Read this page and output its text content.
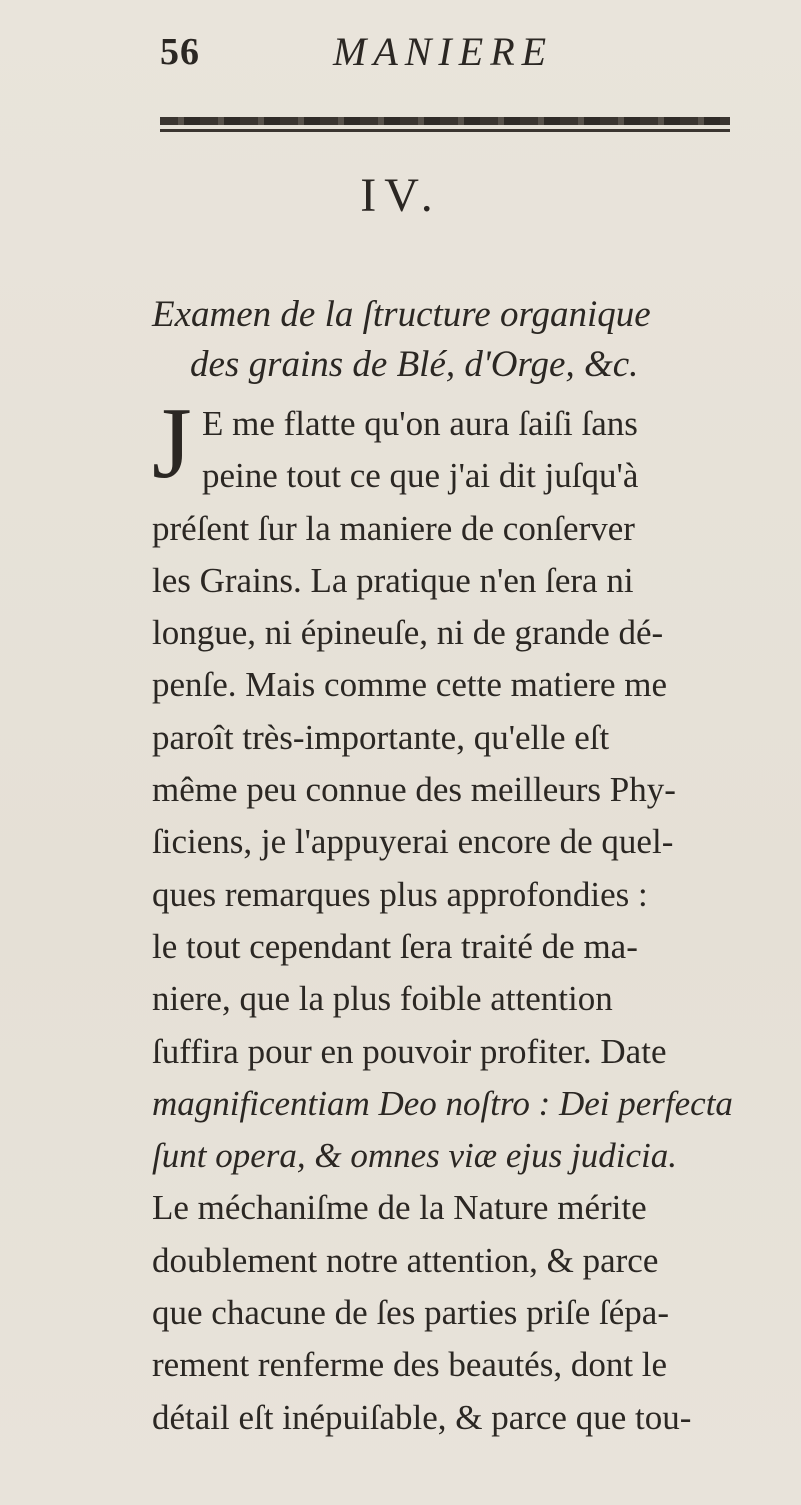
56	MANIERE
IV.
Examen de la ſtructure organique
des grains de Blé, d'Orge, &c.
J E me flatte qu'on aura ſaiſi ſans
peine tout ce que j'ai dit juſqu'à
préſent ſur la maniere de conſerver
les Grains. La pratique n'en ſera ni
longue, ni épineuſe, ni de grande dé-
penſe. Mais comme cette matiere me
paroît très-importante, qu'elle eſt
même peu connue des meilleurs Phy-
ſiciens, je l'appuyerai encore de quel-
ques remarques plus approfondies :
le tout cependant ſera traité de ma-
niere, que la plus foible attention
ſuffira pour en pouvoir profiter. Date
magnificentiam Deo noſtro : Dei perfecta
ſunt opera, & omnes viæ ejus judicia.
Le méchaniſme de la Nature mérite
doublement notre attention, & parce
que chacune de ſes parties priſe ſépa-
rement renferme des beautés, dont le
détail eſt inépuiſable, & parce que tou-
